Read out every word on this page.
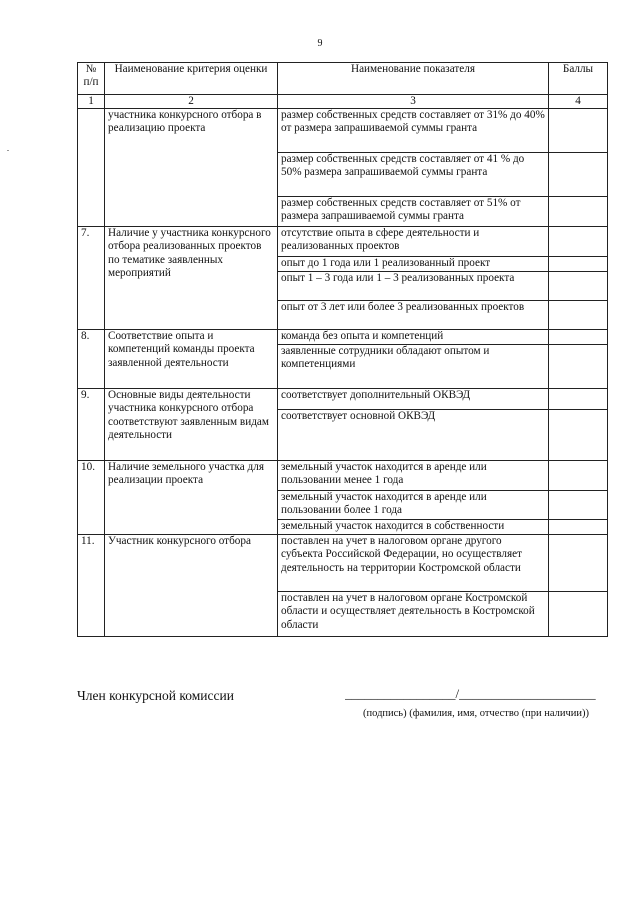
9
№ п/п	Наименование критерия оценки	Наименование показателя	Баллы
1	2	3	4
	участника конкурсного отбора в реализацию проекта	размер собственных средств составляет от 31% до 40% от размера запрашиваемой суммы гранта	
		размер собственных средств составляет от 41 % до 50% размера запрашиваемой суммы гранта	
		размер собственных средств составляет от 51% от размера запрашиваемой суммы гранта	
7.	Наличие у участника конкурсного отбора реализованных проектов по тематике заявленных мероприятий	отсутствие опыта в сфере деятельности и реализованных проектов	
		опыт до 1 года или 1 реализованный проект	
		опыт 1 – 3 года или 1 – 3 реализованных проекта	
		опыт от 3 лет или более 3 реализованных проектов	
8.	Соответствие опыта и компетенций команды проекта заявленной деятельности	команда без опыта и компетенций	
		заявленные сотрудники обладают опытом и компетенциями	
9.	Основные виды деятельности участника конкурсного отбора соответствуют заявленным видам деятельности	соответствует дополнительный ОКВЭД	
		соответствует основной ОКВЭД	
10.	Наличие земельного участка для реализации проекта	земельный участок находится в аренде или пользовании менее 1 года	
		земельный участок находится в аренде или пользовании более 1 года	
		земельный участок находится в собственности	
11.	Участник конкурсного отбора	поставлен на учет в налоговом органе другого субъекта Российской Федерации, но осуществляет деятельность на территории Костромской области	
		поставлен на учет в налоговом органе Костромской области и осуществляет деятельность в Костромской области	
Член конкурсной комиссии	_________________/_____________________
(подпись) (фамилия, имя, отчество (при наличии))
